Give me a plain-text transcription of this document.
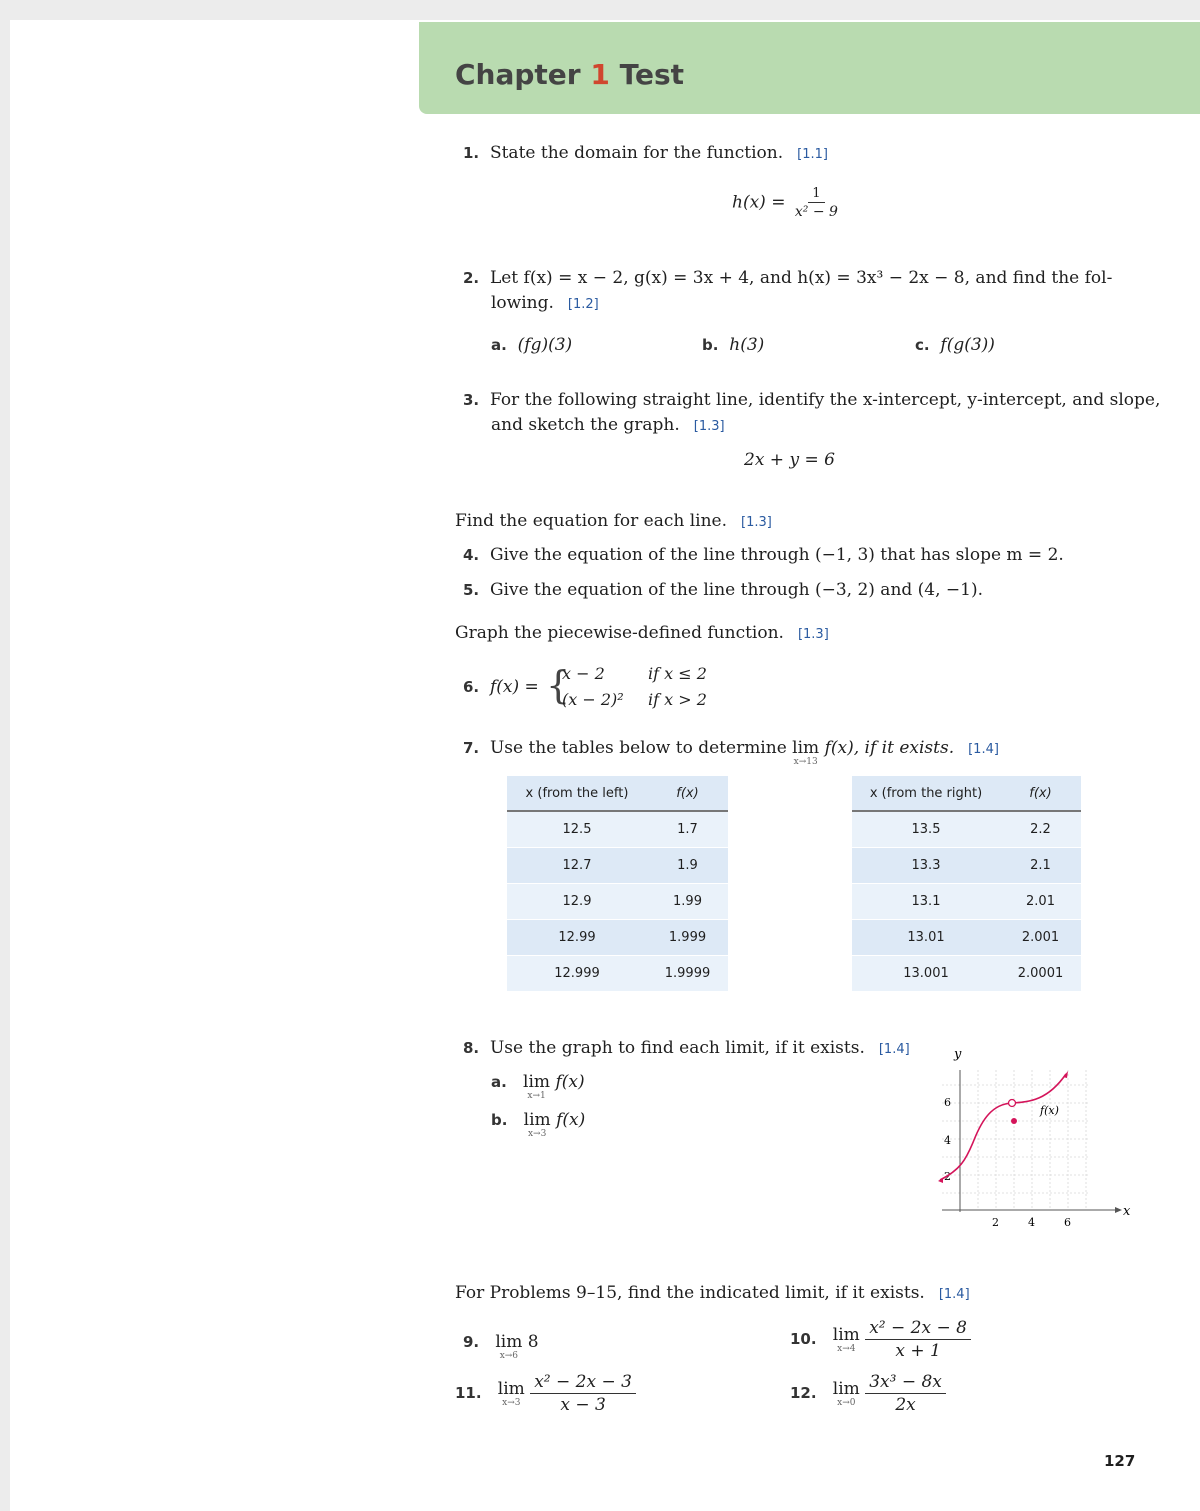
Chapter 1 Test
1. State the domain for the function. [1.1]
$h(x) = \frac{1}{\text{x² − 9}}$
2. Let f(x) = x − 2, g(x) = 3x + 4, and h(x) = 3x³ − 2x − 8, and find the fol-
lowing. [1.2]
a. (fg)(3)	b. h(3)	c. f(g(3))
3. For the following straight line, identify the x-intercept, y-intercept, and slope,
and sketch the graph. [1.3]
2x + y = 6
Find the equation for each line. [1.3]
4. Give the equation of the line through (−1, 3) that has slope m = 2.
5. Give the equation of the line through (−3, 2) and (4, −1).
Graph the piecewise-defined function. [1.3]
6. f(x) = {
x − 2	if x ≤ 2
(x − 2)² if x > 2
7. Use the tables below to determine lim
x→13
f(x), if it exists. [1.4]
x (from the left)	f(x)
12.5	1.7
12.7	1.9
12.9	1.99
12.99	1.999
12.999	1.9999
x (from the right)	f(x)
13.5	2.2
13.3	2.1
13.1	2.01
13.01	2.001
13.001	2.0001
8. Use the graph to find each limit, if it exists. [1.4]
a. lim
x→1
f(x)
b. lim
x→3
f(x)
y
x
6
4
2
2	4	6
f(x)
For Problems 9–15, find the indicated limit, if it exists. [1.4]
9. lim
x→6
8	10. lim
x→4
$\frac{\text{x² − 2x − 8}}{x + 1}$
11. lim
x→3
$\frac{\text{x² − 2x − 3}}{x - 3}$	12. lim
x→0
$\frac{\text{3x³ − 8x}}{2x}$
127
